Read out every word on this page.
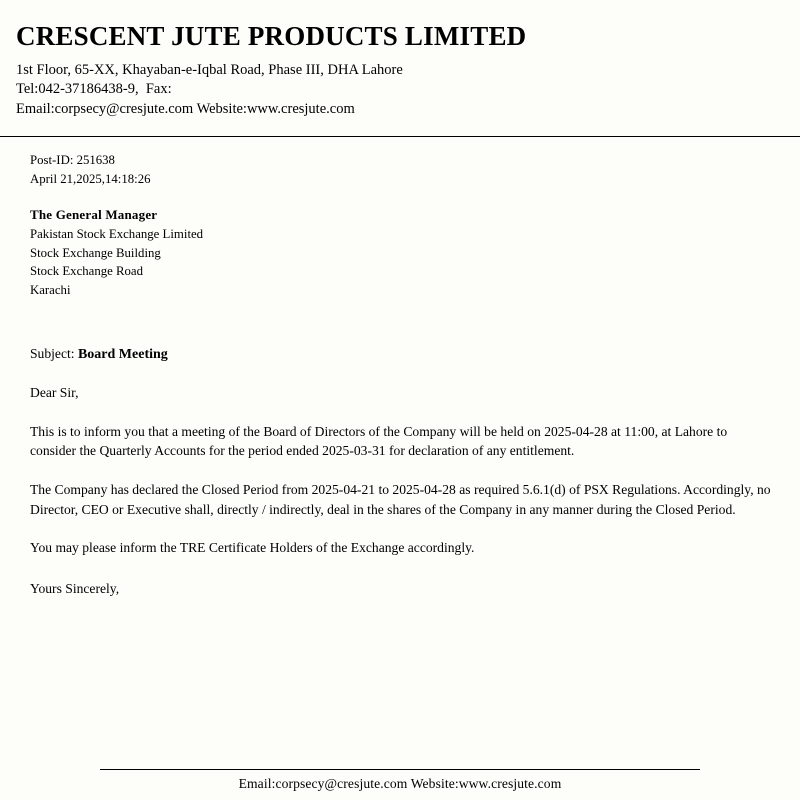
CRESCENT JUTE PRODUCTS LIMITED

1st Floor, 65-XX, Khayaban-e-Iqbal Road, Phase III, DHA Lahore

Tel:042-37186438-9,  Fax:

Email:corpsecy@cresjute.com Website:www.cresjute.com

Post-ID: 251638

April 21,2025,14:18:26

The General Manager
Pakistan Stock Exchange Limited
Stock Exchange Building
Stock Exchange Road
Karachi
Subject: Board Meeting
Dear Sir,

This is to inform you that a meeting of the Board of Directors of the Company will be held on 2025-04-28 at 11:00, at Lahore to consider the Quarterly Accounts for the period ended 2025-03-31 for declaration of any entitlement.

The Company has declared the Closed Period from 2025-04-21 to 2025-04-28 as required 5.6.1(d) of PSX Regulations. Accordingly, no Director, CEO or Executive shall, directly / indirectly, deal in the shares of the Company in any manner during the Closed Period.

You may please inform the TRE Certificate Holders of the Exchange accordingly.

Yours Sincerely,
Email:corpsecy@cresjute.com Website:www.cresjute.com
